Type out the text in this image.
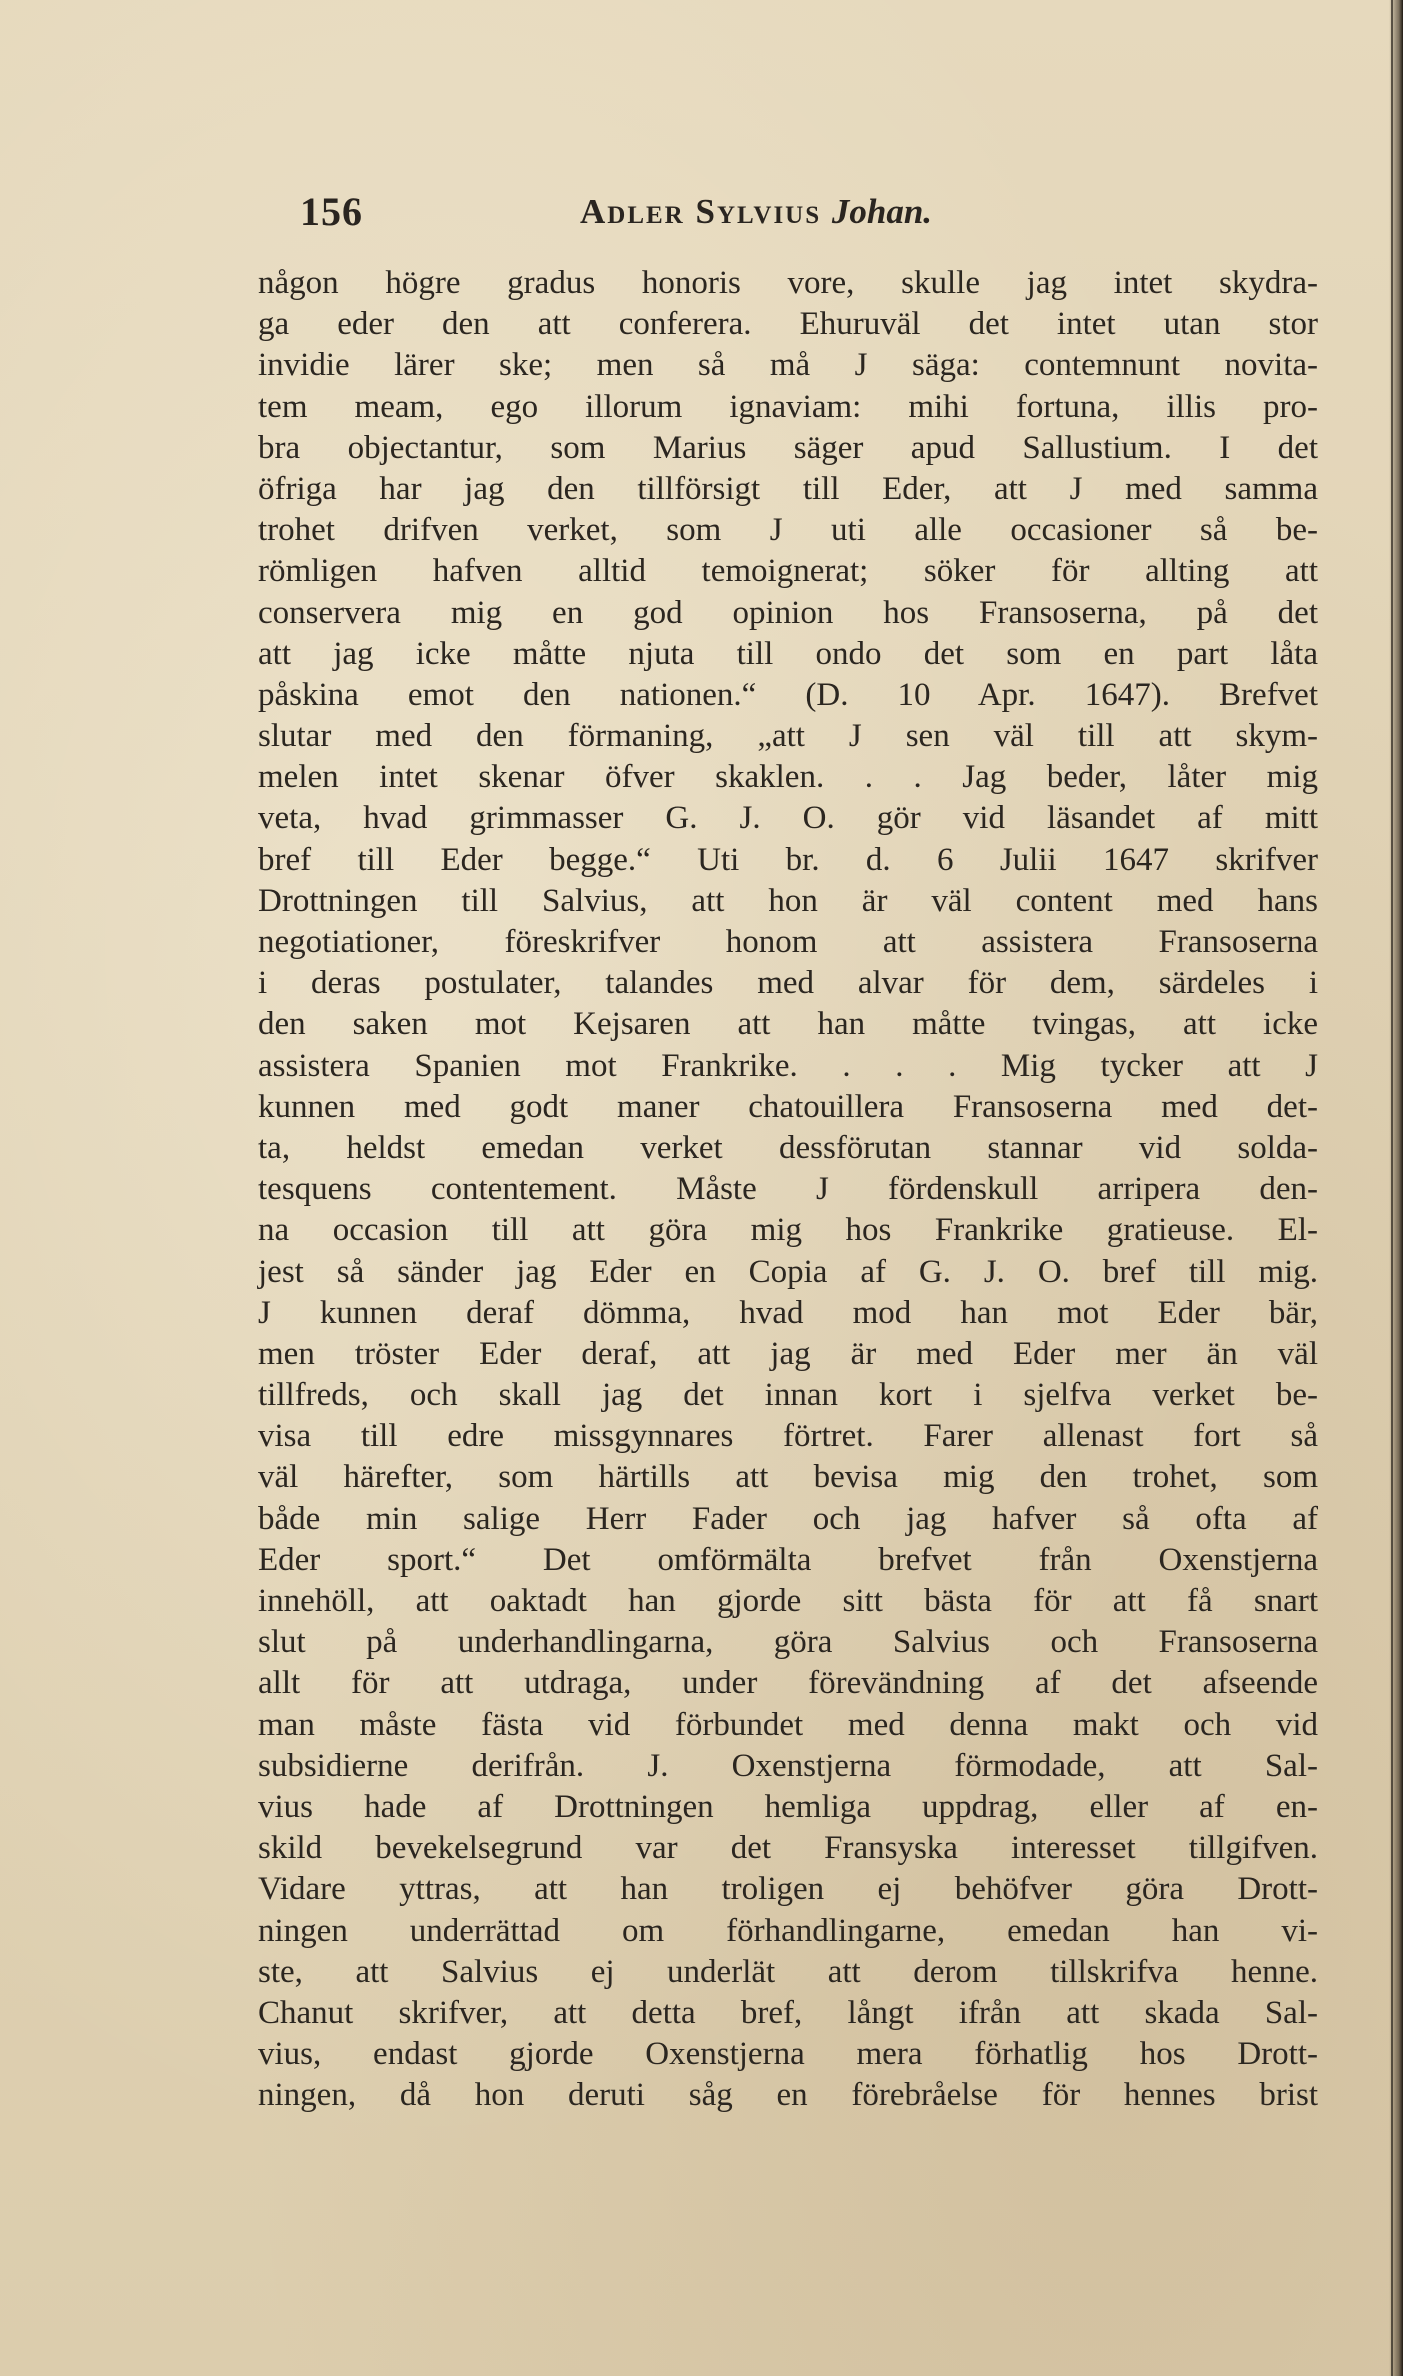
156	Adler Sylvius Johan.
någon högre gradus honoris vore, skulle jag intet skydra-
ga eder den att conferera. Ehuruväl det intet utan stor
invidie lärer ske; men så må J säga: contemnunt novita-
tem meam, ego illorum ignaviam: mihi fortuna, illis pro-
bra objectantur, som Marius säger apud Sallustium. I det
öfriga har jag den tillförsigt till Eder, att J med samma
trohet drifven verket, som J uti alle occasioner så be-
römligen hafven alltid temoignerat; söker för allting att
conservera mig en god opinion hos Fransoserna, på det
att jag icke måtte njuta till ondo det som en part låta
påskina emot den nationen.“ (D. 10 Apr. 1647). Brefvet
slutar med den förmaning, „att J sen väl till att skym-
melen intet skenar öfver skaklen. . . Jag beder, låter mig
veta, hvad grimmasser G. J. O. gör vid läsandet af mitt
bref till Eder begge.“ Uti br. d. 6 Julii 1647 skrifver
Drottningen till Salvius, att hon är väl content med hans
negotiationer, föreskrifver honom att assistera Fransoserna
i deras postulater, talandes med alvar för dem, särdeles i
den saken mot Kejsaren att han måtte tvingas, att icke
assistera Spanien mot Frankrike. . . . Mig tycker att J
kunnen med godt maner chatouillera Fransoserna med det-
ta, heldst emedan verket dessförutan stannar vid solda-
tesquens contentement. Måste J fördenskull arripera den-
na occasion till att göra mig hos Frankrike gratieuse. El-
jest så sänder jag Eder en Copia af G. J. O. bref till mig.
J kunnen deraf dömma, hvad mod han mot Eder bär,
men tröster Eder deraf, att jag är med Eder mer än väl
tillfreds, och skall jag det innan kort i sjelfva verket be-
visa till edre missgynnares förtret. Farer allenast fort så
väl härefter, som härtills att bevisa mig den trohet, som
både min salige Herr Fader och jag hafver så ofta af
Eder sport.“ Det omförmälta brefvet från Oxenstjerna
innehöll, att oaktadt han gjorde sitt bästa för att få snart
slut på underhandlingarna, göra Salvius och Fransoserna
allt för att utdraga, under förevändning af det afseende
man måste fästa vid förbundet med denna makt och vid
subsidierne derifrån. J. Oxenstjerna förmodade, att Sal-
vius hade af Drottningen hemliga uppdrag, eller af en-
skild bevekelsegrund var det Fransyska interesset tillgifven.
Vidare yttras, att han troligen ej behöfver göra Drott-
ningen underrättad om förhandlingarne, emedan han vi-
ste, att Salvius ej underlät att derom tillskrifva henne.
Chanut skrifver, att detta bref, långt ifrån att skada Sal-
vius, endast gjorde Oxenstjerna mera förhatlig hos Drott-
ningen, då hon deruti såg en förebråelse för hennes brist
